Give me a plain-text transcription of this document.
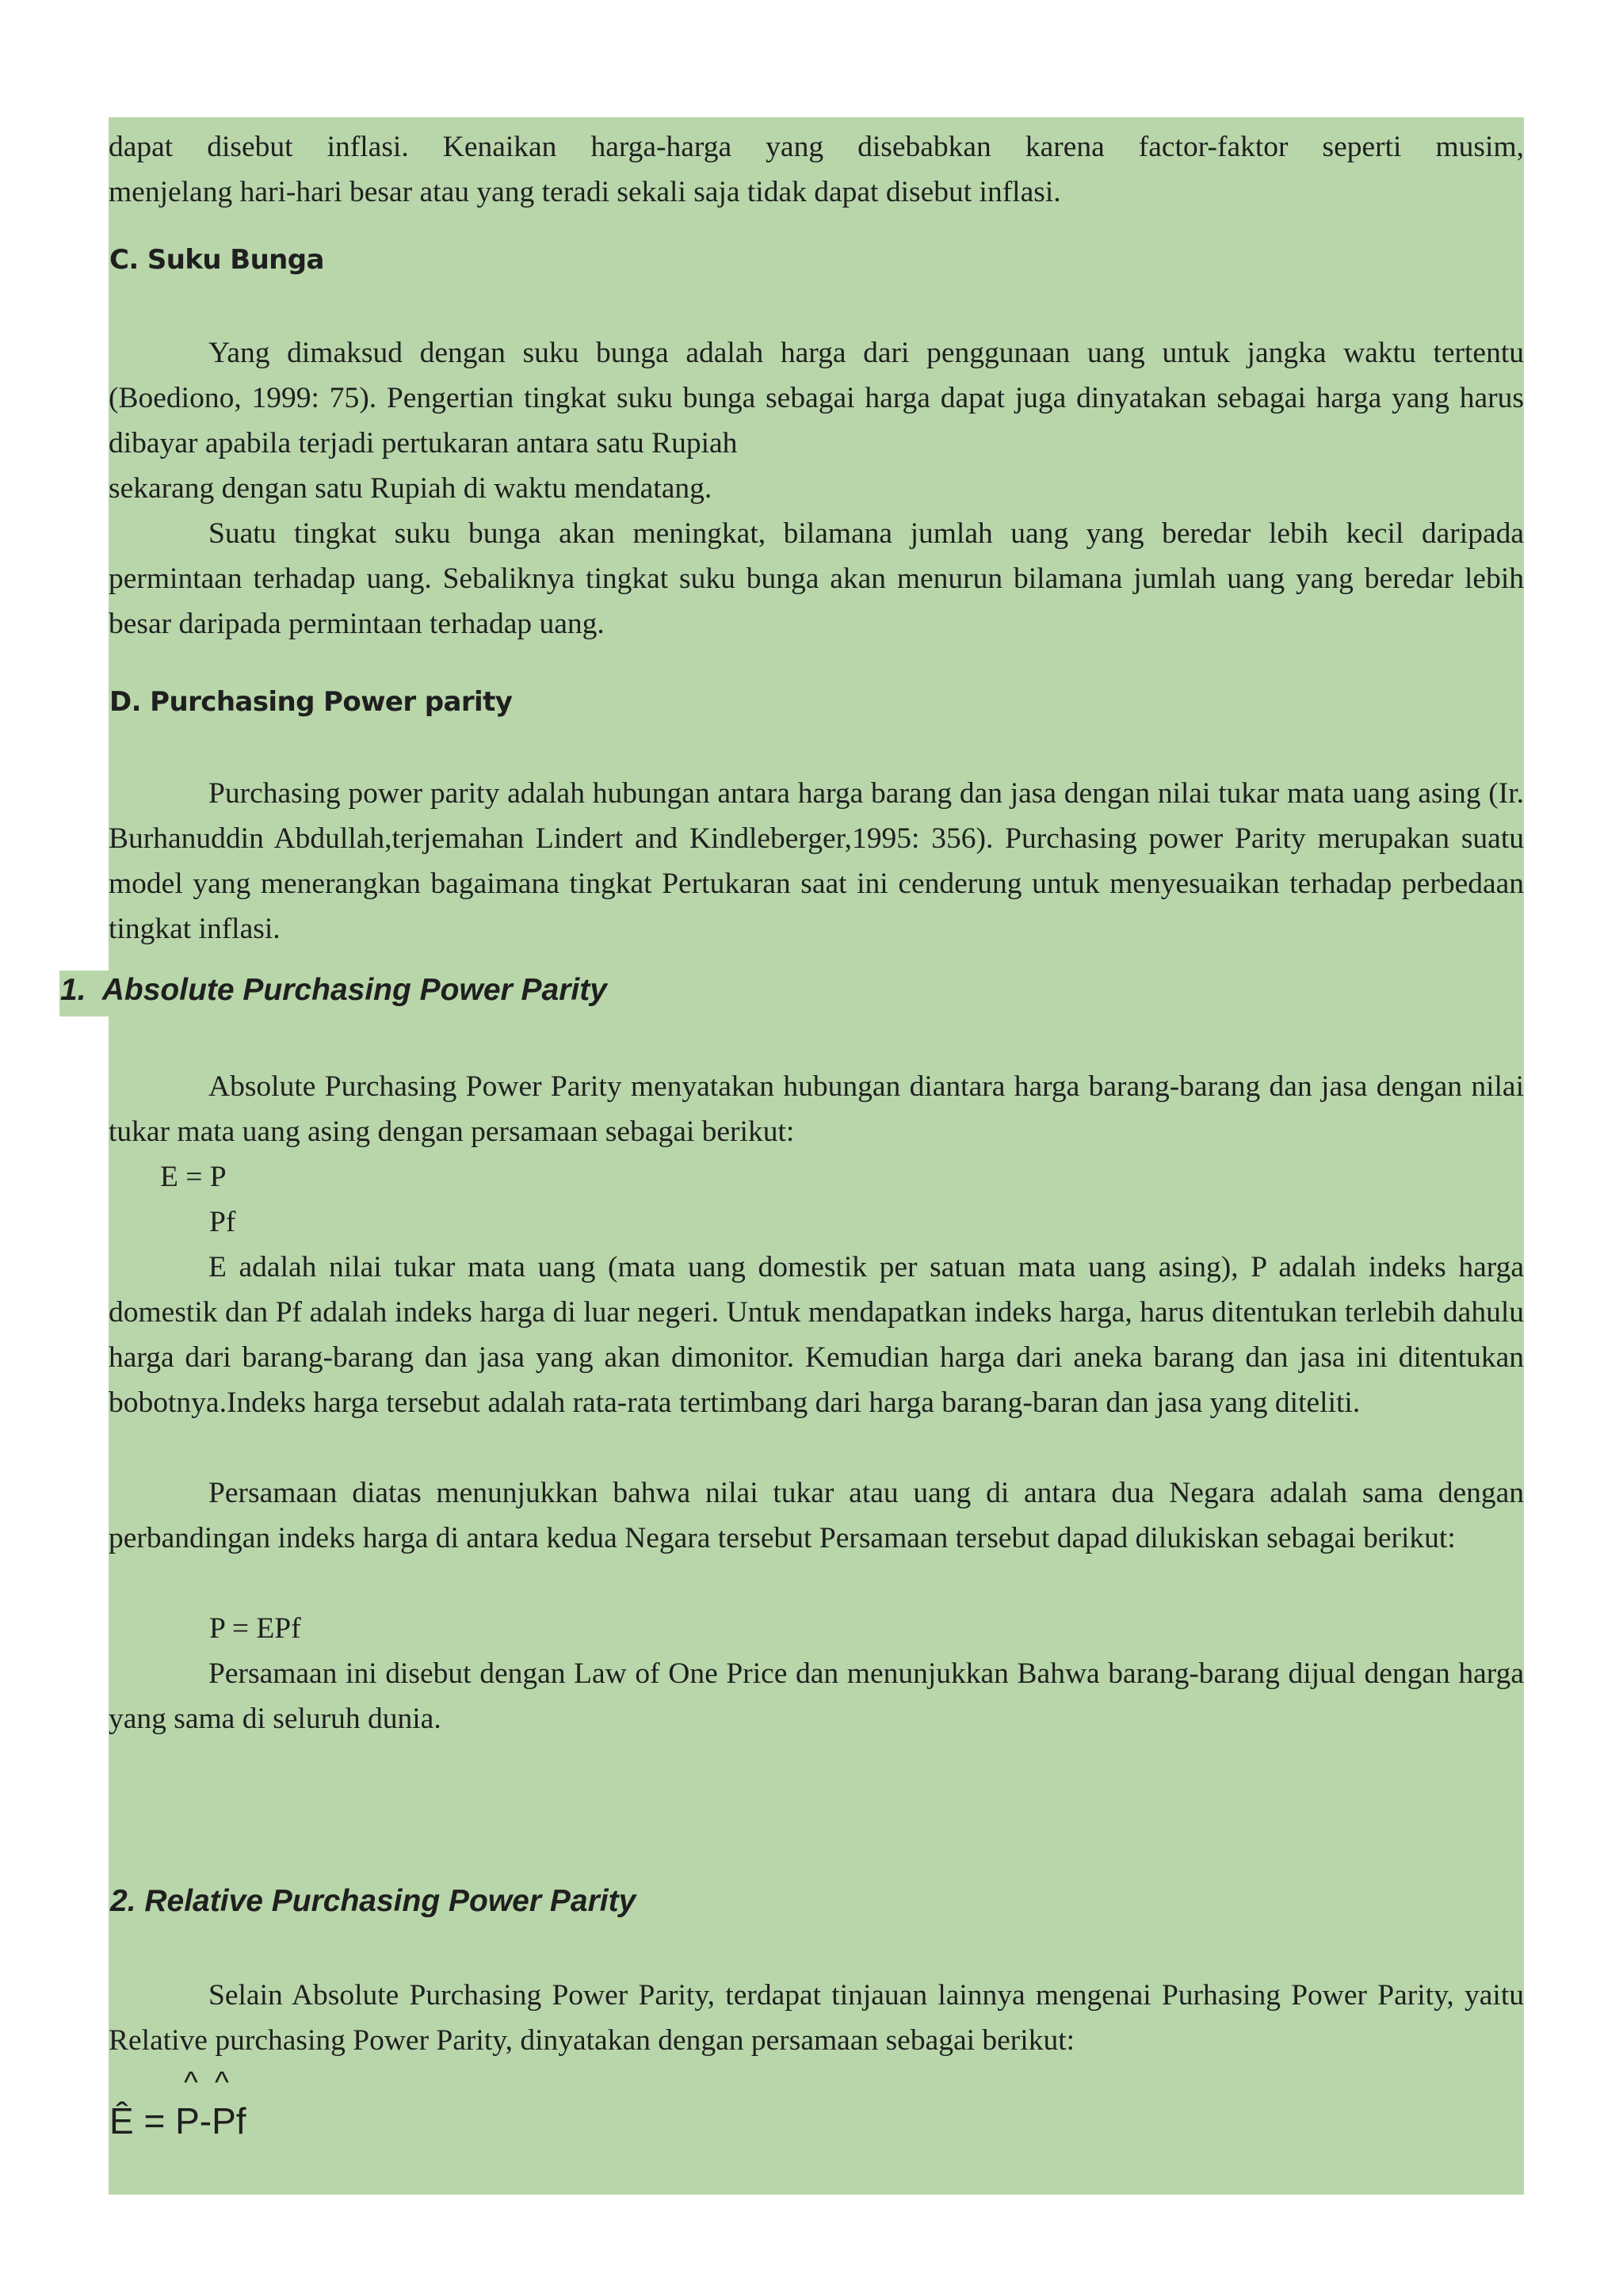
dapat disebut inflasi. Kenaikan harga-harga yang disebabkan karena factor-faktor seperti musim,

menjelang hari-hari besar atau yang teradi sekali saja tidak dapat disebut inflasi.

C. Suku Bunga

Yang dimaksud dengan suku bunga adalah harga dari penggunaan uang untuk jangka waktu tertentu (Boediono, 1999: 75). Pengertian tingkat suku bunga sebagai harga dapat juga dinyatakan sebagai harga yang harus dibayar apabila terjadi pertukaran antara satu Rupiah

sekarang dengan satu Rupiah di waktu mendatang.

Suatu tingkat suku bunga akan meningkat, bilamana jumlah uang yang beredar lebih kecil daripada permintaan terhadap uang. Sebaliknya tingkat suku bunga akan menurun bilamana jumlah uang yang beredar lebih besar daripada permintaan terhadap uang.

D. Purchasing Power parity

Purchasing power parity adalah hubungan antara harga barang dan jasa dengan nilai tukar mata uang asing (Ir. Burhanuddin Abdullah,terjemahan Lindert and Kindleberger,1995: 356). Purchasing power Parity merupakan suatu model yang menerangkan bagaimana tingkat Pertukaran saat ini cenderung untuk menyesuaikan terhadap perbedaan tingkat inflasi.

1.  Absolute Purchasing Power Parity

Absolute Purchasing Power Parity menyatakan hubungan diantara harga barang-barang dan jasa dengan nilai tukar mata uang asing dengan persamaan sebagai berikut:

E = P

Pf

E adalah nilai tukar mata uang (mata uang domestik per satuan mata uang asing), P adalah indeks harga domestik dan Pf adalah indeks harga di luar negeri. Untuk mendapatkan indeks harga, harus ditentukan terlebih dahulu harga dari barang-barang dan jasa yang akan dimonitor. Kemudian harga dari aneka barang dan jasa ini ditentukan bobotnya.Indeks harga tersebut adalah rata-rata tertimbang dari harga barang-baran dan jasa yang diteliti.

Persamaan diatas menunjukkan bahwa nilai tukar atau uang di antara dua Negara adalah sama dengan perbandingan indeks harga di antara kedua Negara tersebut Persamaan tersebut dapad dilukiskan sebagai berikut:

P = EPf

Persamaan ini disebut dengan Law of One Price dan menunjukkan Bahwa barang-barang dijual dengan harga yang sama di seluruh dunia.

2. Relative Purchasing Power Parity

Selain Absolute Purchasing Power Parity, terdapat tinjauan lainnya mengenai Purhasing Power Parity, yaitu Relative purchasing Power Parity, dinyatakan dengan persamaan sebagai berikut:

^  ^

Ê = P-Pf
